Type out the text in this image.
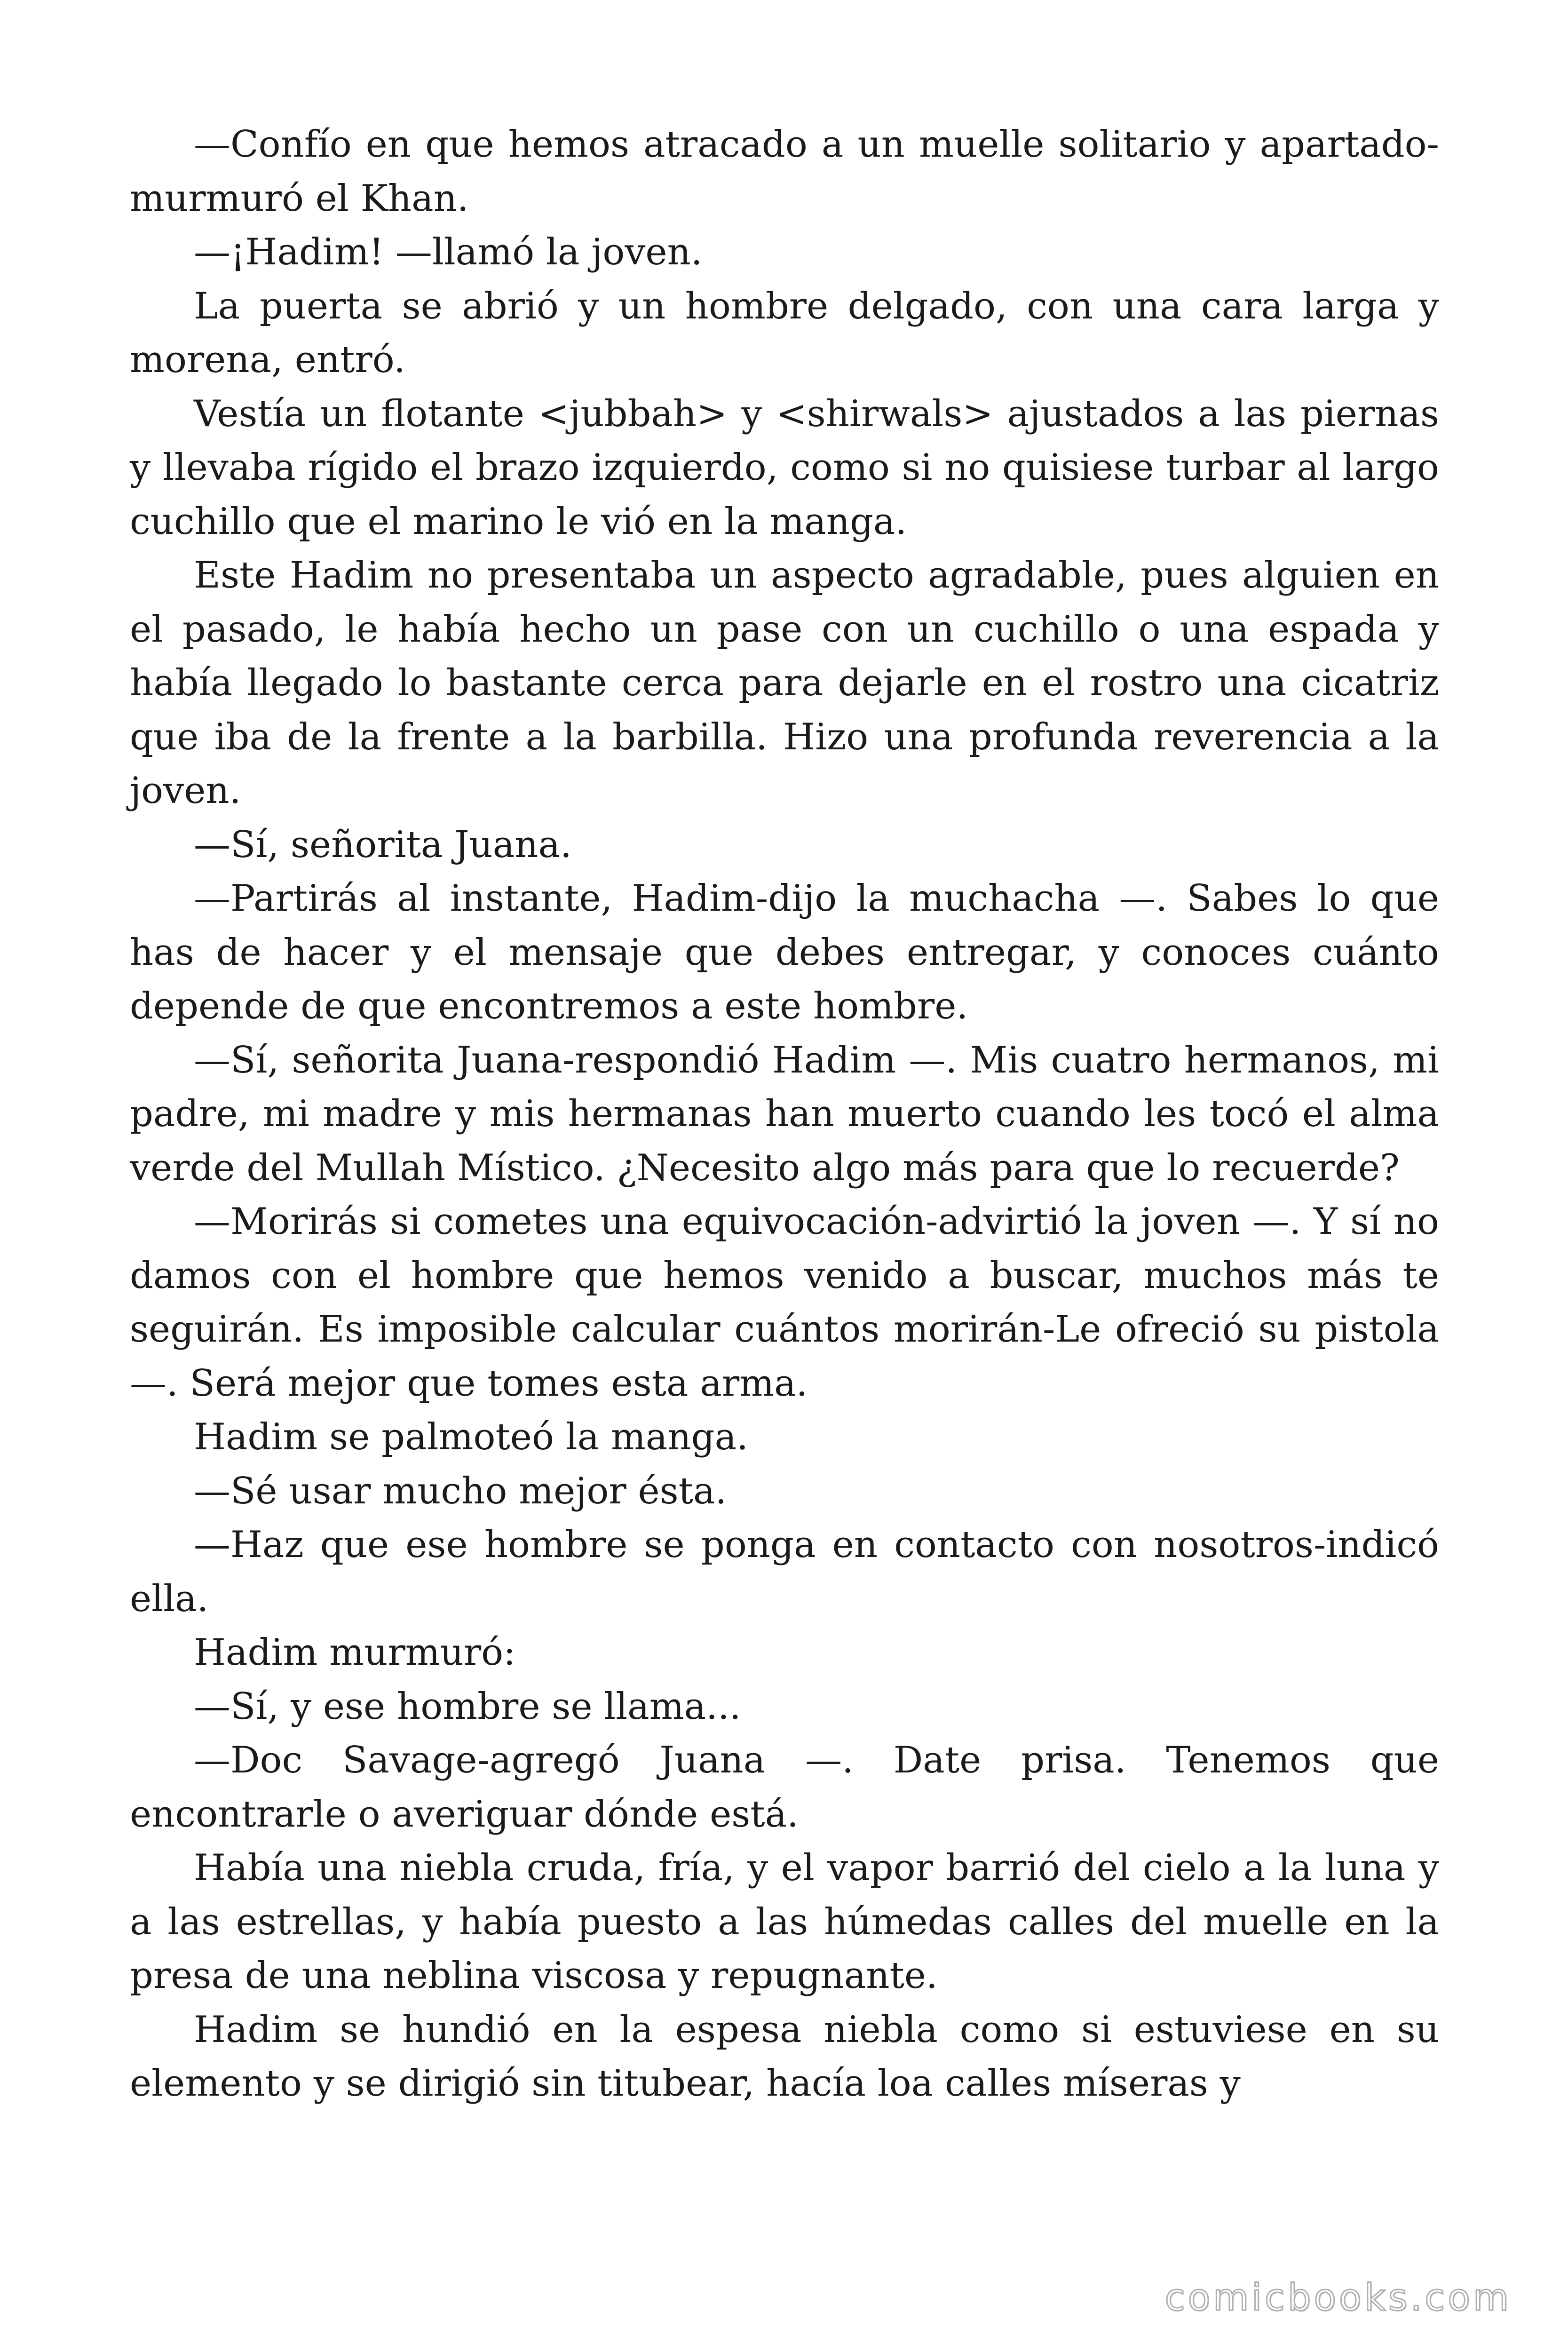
—Confío en que hemos atracado a un muelle solitario y apartado-murmuró el Khan.

—¡Hadim! —llamó la joven.

La puerta se abrió y un hombre delgado, con una cara larga y morena, entró.

Vestía un flotante <jubbah> y <shirwals> ajustados a las piernas y llevaba rígido el brazo izquierdo, como si no quisiese turbar al largo cuchillo que el marino le vió en la manga.

Este Hadim no presentaba un aspecto agradable, pues alguien en el pasado, le había hecho un pase con un cuchillo o una espada y había llegado lo bastante cerca para dejarle en el rostro una cicatriz que iba de la frente a la barbilla. Hizo una profunda reverencia a la joven.

—Sí, señorita Juana.

—Partirás al instante, Hadim-dijo la muchacha —. Sabes lo que has de hacer y el mensaje que debes entregar, y conoces cuánto depende de que encontremos a este hombre.

—Sí, señorita Juana-respondió Hadim —. Mis cuatro hermanos, mi padre, mi madre y mis hermanas han muerto cuando les tocó el alma verde del Mullah Místico. ¿Necesito algo más para que lo recuerde?

—Morirás si cometes una equivocación-advirtió la joven —. Y sí no damos con el hombre que hemos venido a buscar, muchos más te seguirán. Es imposible calcular cuántos morirán-Le ofreció su pistola—. Será mejor que tomes esta arma.

Hadim se palmoteó la manga.

—Sé usar mucho mejor ésta.

—Haz que ese hombre se ponga en contacto con nosotros-indicó ella.

Hadim murmuró:

—Sí, y ese hombre se llama...

—Doc Savage-agregó Juana —. Date prisa. Tenemos que encontrarle o averiguar dónde está.

Había una niebla cruda, fría, y el vapor barrió del cielo a la luna y a las estrellas, y había puesto a las húmedas calles del muelle en la presa de una neblina viscosa y repugnante.

Hadim se hundió en la espesa niebla como si estuviese en su elemento y se dirigió sin titubear, hacía loa calles míseras y

comicbooks.com
